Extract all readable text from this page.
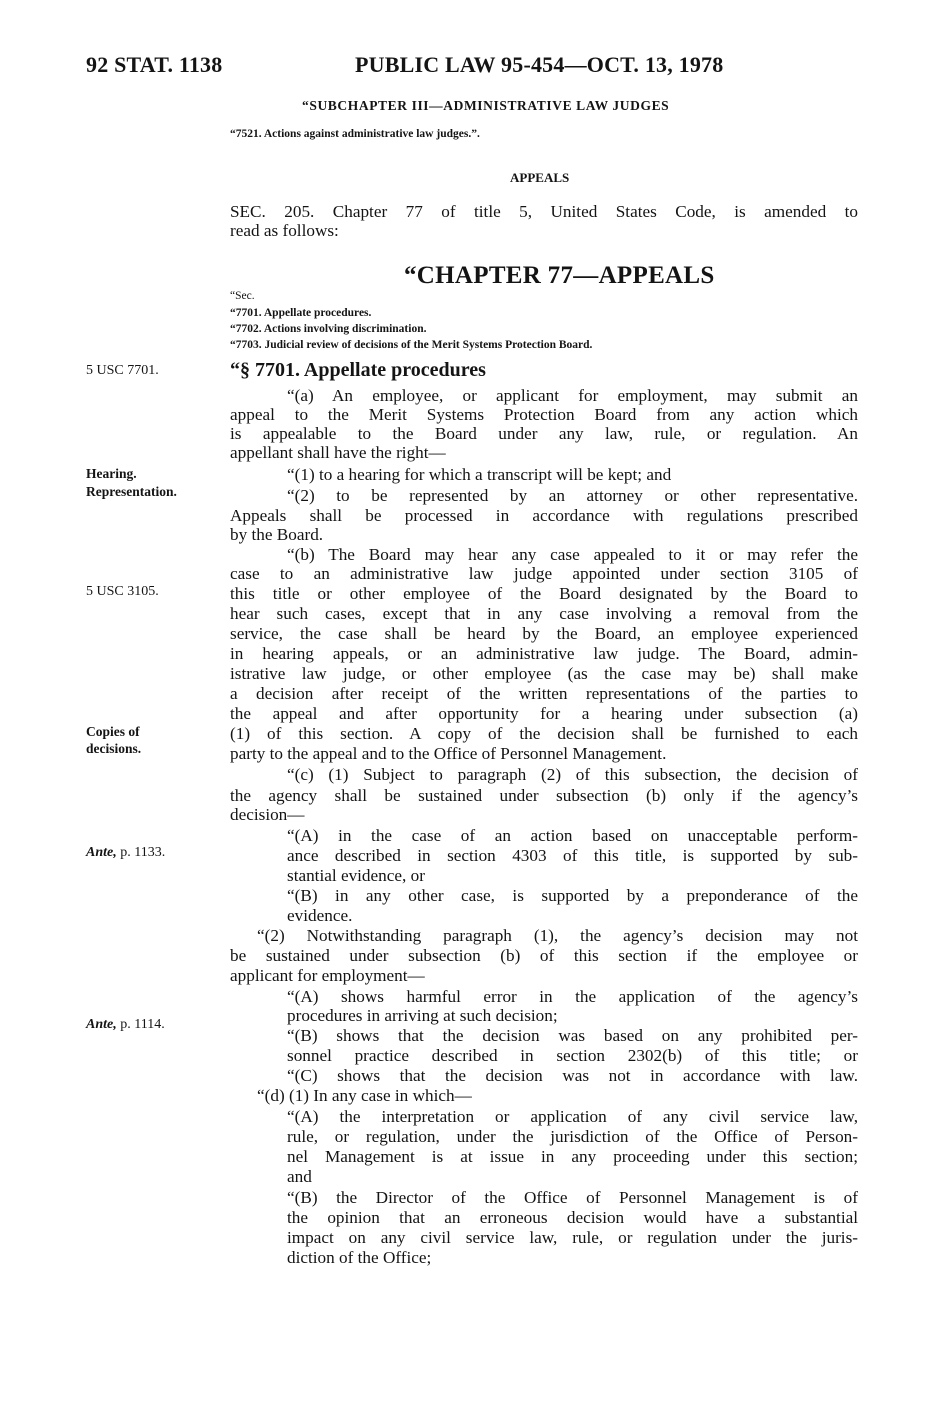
92 STAT. 1138	PUBLIC LAW 95-454—OCT. 13, 1978
“SUBCHAPTER III—ADMINISTRATIVE LAW JUDGES
“7521. Actions against administrative law judges.”.
APPEALS
SEC. 205. Chapter 77 of title 5, United States Code, is amended to
read as follows:
“CHAPTER 77—APPEALS
“Sec.
“7701. Appellate procedures.
“7702. Actions involving discrimination.
“7703. Judicial review of decisions of the Merit Systems Protection Board.
“§ 7701. Appellate procedures
5 USC 7701.
Hearing.
Representation.
5 USC 3105.
Copies of
decisions.
Ante, p. 1133.
Ante, p. 1114.
“(a) An employee, or applicant for employment, may submit an
appeal to the Merit Systems Protection Board from any action which
is appealable to the Board under any law, rule, or regulation. An
appellant shall have the right—
“(1) to a hearing for which a transcript will be kept; and
“(2) to be represented by an attorney or other representative.
Appeals shall be processed in accordance with regulations prescribed
by the Board.
“(b) The Board may hear any case appealed to it or may refer the
case to an administrative law judge appointed under section 3105 of
this title or other employee of the Board designated by the Board to
hear such cases, except that in any case involving a removal from the
service, the case shall be heard by the Board, an employee experienced
in hearing appeals, or an administrative law judge. The Board, admin-
istrative law judge, or other employee (as the case may be) shall make
a decision after receipt of the written representations of the parties to
the appeal and after opportunity for a hearing under subsection (a)
(1) of this section. A copy of the decision shall be furnished to each
party to the appeal and to the Office of Personnel Management.
“(c) (1) Subject to paragraph (2) of this subsection, the decision of
the agency shall be sustained under subsection (b) only if the agency’s
decision—
“(A) in the case of an action based on unacceptable perform-
ance described in section 4303 of this title, is supported by sub-
stantial evidence, or
“(B) in any other case, is supported by a preponderance of the
evidence.
“(2) Notwithstanding paragraph (1), the agency’s decision may not
be sustained under subsection (b) of this section if the employee or
applicant for employment—
“(A) shows harmful error in the application of the agency’s
procedures in arriving at such decision;
“(B) shows that the decision was based on any prohibited per-
sonnel practice described in section 2302(b) of this title; or
“(C) shows that the decision was not in accordance with law.
“(d) (1) In any case in which—
“(A) the interpretation or application of any civil service law,
rule, or regulation, under the jurisdiction of the Office of Person-
nel Management is at issue in any proceeding under this section;
and
“(B) the Director of the Office of Personnel Management is of
the opinion that an erroneous decision would have a substantial
impact on any civil service law, rule, or regulation under the juris-
diction of the Office;
